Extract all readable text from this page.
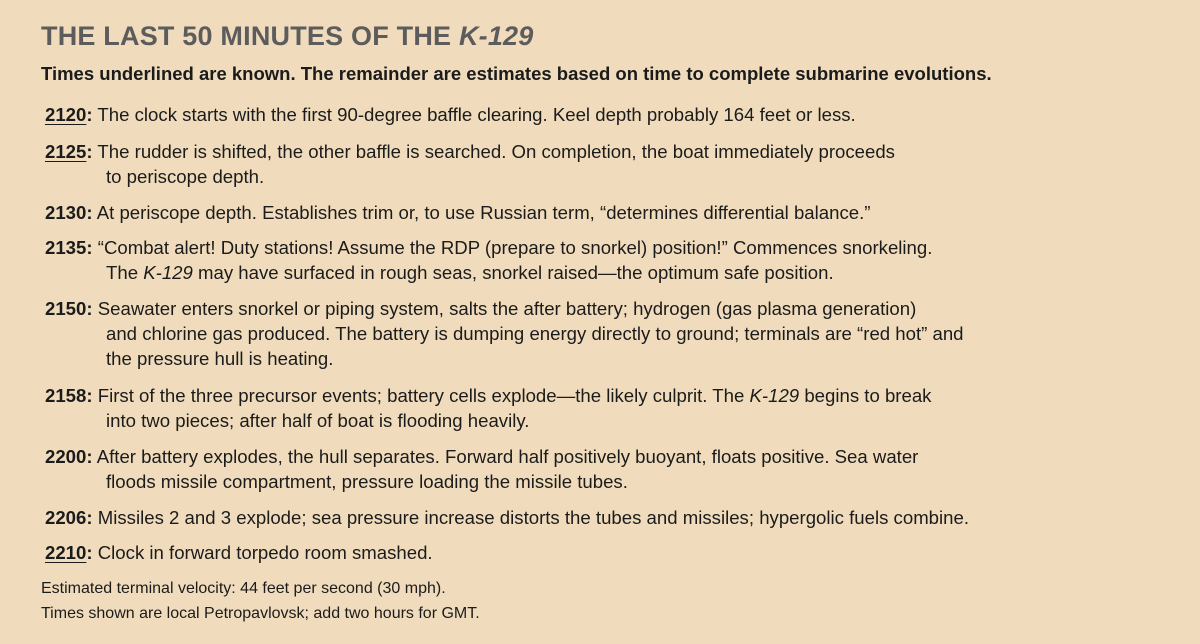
THE LAST 50 MINUTES OF THE K-129

Times underlined are known. The remainder are estimates based on time to complete submarine evolutions.

2120: The clock starts with the first 90-degree baffle clearing. Keel depth probably 164 feet or less.
2125: The rudder is shifted, the other baffle is searched. On completion, the boat immediately proceeds
to periscope depth.
2130: At periscope depth. Establishes trim or, to use Russian term, “determines differential balance.”
2135: “Combat alert! Duty stations! Assume the RDP (prepare to snorkel) position!” Commences snorkeling.
The K-129 may have surfaced in rough seas, snorkel raised—the optimum safe position.
2150: Seawater enters snorkel or piping system, salts the after battery; hydrogen (gas plasma generation)
and chlorine gas produced. The battery is dumping energy directly to ground; terminals are “red hot” and
the pressure hull is heating.
2158: First of the three precursor events; battery cells explode—the likely culprit. The K-129 begins to break
into two pieces; after half of boat is flooding heavily.
2200: After battery explodes, the hull separates. Forward half positively buoyant, floats positive. Sea water
floods missile compartment, pressure loading the missile tubes.
2206: Missiles 2 and 3 explode; sea pressure increase distorts the tubes and missiles; hypergolic fuels combine.
2210: Clock in forward torpedo room smashed.
Estimated terminal velocity: 44 feet per second (30 mph).
Times shown are local Petropavlovsk; add two hours for GMT.
